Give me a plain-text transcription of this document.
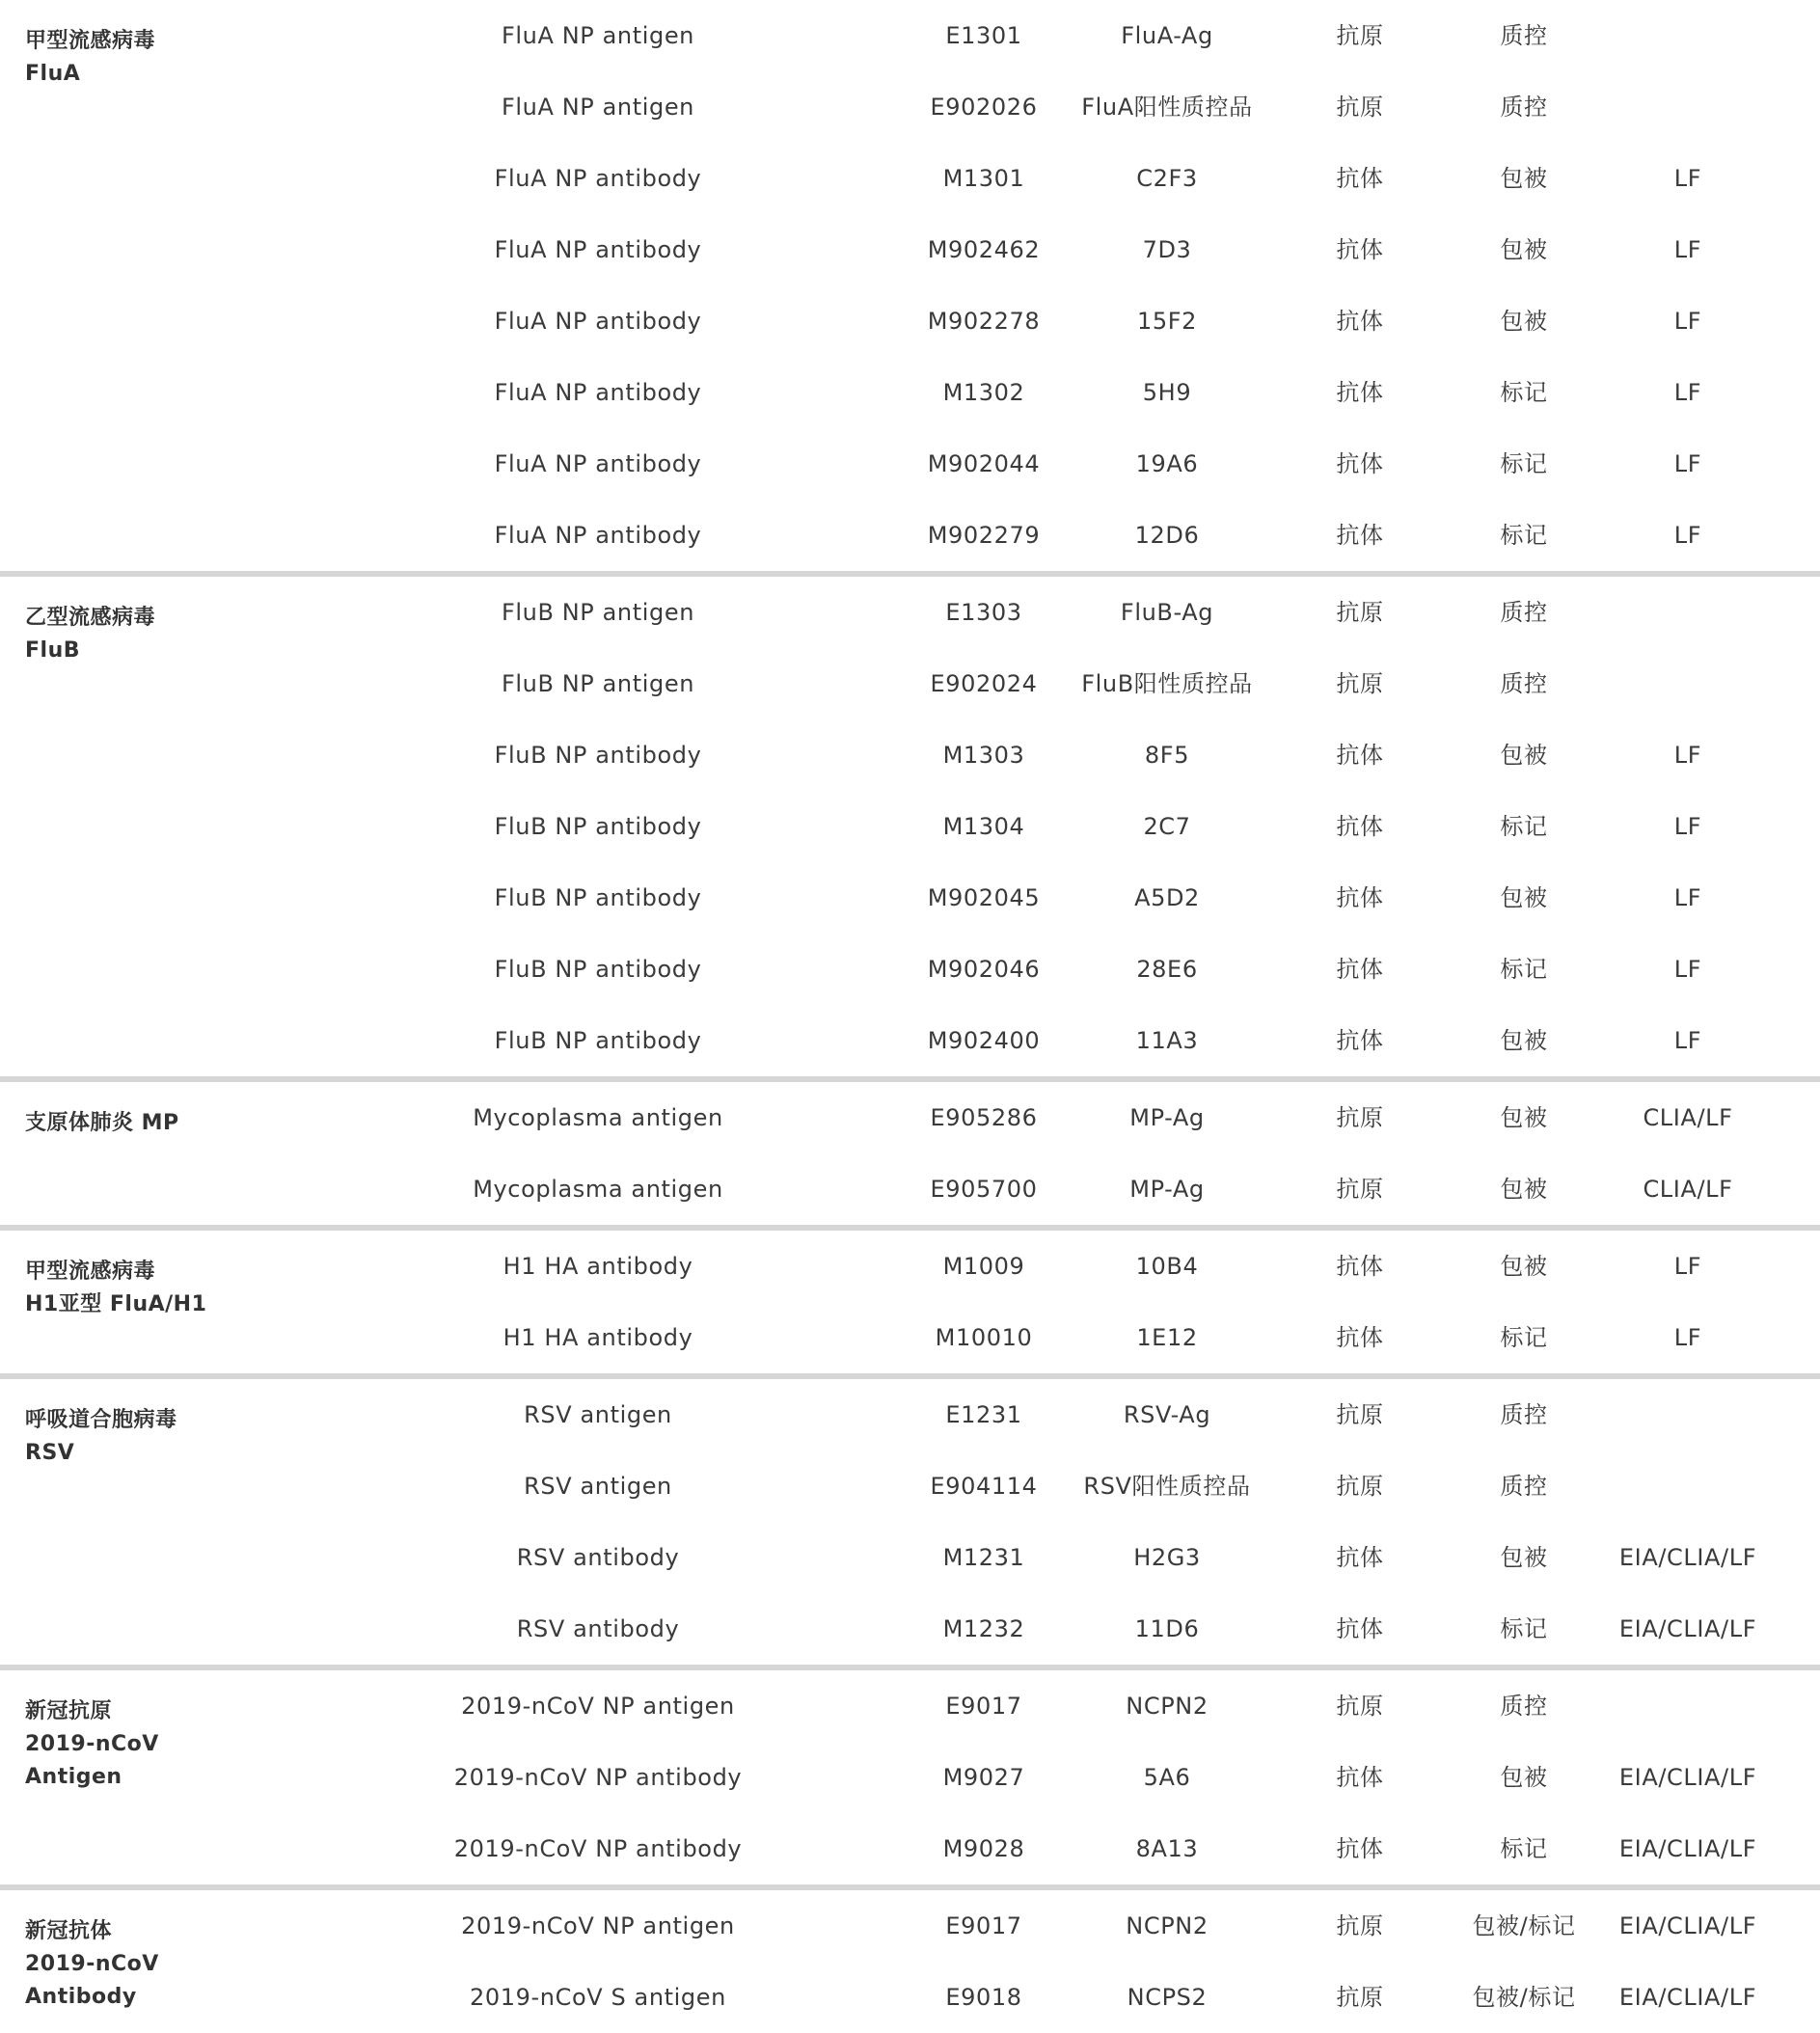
甲型流感病毒
FluA
FluA NP antigen	E1301	FluA-Ag	抗原	质控
FluA NP antigen	E902026	FluA阳性质控品	抗原	质控
FluA NP antibody	M1301	C2F3	抗体	包被	LF
FluA NP antibody	M902462	7D3	抗体	包被	LF
FluA NP antibody	M902278	15F2	抗体	包被	LF
FluA NP antibody	M1302	5H9	抗体	标记	LF
FluA NP antibody	M902044	19A6	抗体	标记	LF
FluA NP antibody	M902279	12D6	抗体	标记	LF
乙型流感病毒
FluB
FluB NP antigen	E1303	FluB-Ag	抗原	质控
FluB NP antigen	E902024	FluB阳性质控品	抗原	质控
FluB NP antibody	M1303	8F5	抗体	包被	LF
FluB NP antibody	M1304	2C7	抗体	标记	LF
FluB NP antibody	M902045	A5D2	抗体	包被	LF
FluB NP antibody	M902046	28E6	抗体	标记	LF
FluB NP antibody	M902400	11A3	抗体	包被	LF
支原体肺炎 MP	Mycoplasma antigen	E905286	MP-Ag	抗原	包被	CLIA/LF
Mycoplasma antigen	E905700	MP-Ag	抗原	包被	CLIA/LF
甲型流感病毒
H1亚型 FluA/H1
H1 HA antibody	M1009	10B4	抗体	包被	LF
H1 HA antibody	M10010	1E12	抗体	标记	LF
呼吸道合胞病毒
RSV
RSV antigen	E1231	RSV-Ag	抗原	质控
RSV antigen	E904114	RSV阳性质控品	抗原	质控
RSV antibody	M1231	H2G3	抗体	包被	EIA/CLIA/LF
RSV antibody	M1232	11D6	抗体	标记	EIA/CLIA/LF
新冠抗原
2019-nCoV
Antigen
2019-nCoV NP antigen	E9017	NCPN2	抗原	质控
2019-nCoV NP antibody	M9027	5A6	抗体	包被	EIA/CLIA/LF
2019-nCoV NP antibody	M9028	8A13	抗体	标记	EIA/CLIA/LF
新冠抗体
2019-nCoV
Antibody
2019-nCoV NP antigen	E9017	NCPN2	抗原	包被/标记	EIA/CLIA/LF
2019-nCoV S antigen	E9018	NCPS2	抗原	包被/标记	EIA/CLIA/LF
